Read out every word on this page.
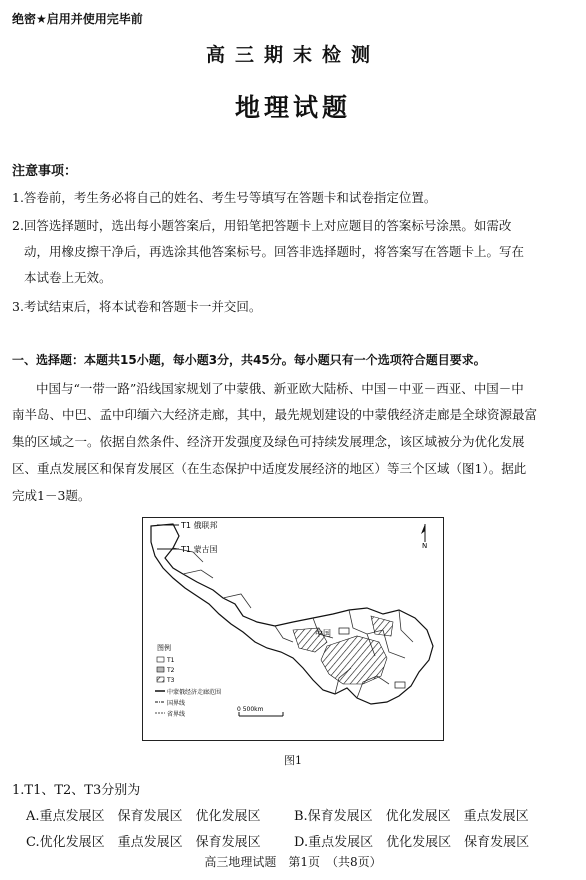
绝密★启用并使用完毕前
高三期末检测
地理试题
注意事项：
1.答卷前，考生务必将自己的姓名、考生号等填写在答题卡和试卷指定位置。
2.回答选择题时，选出每小题答案后，用铅笔把答题卡上对应题目的答案标号涂黑。如需改
动，用橡皮擦干净后，再选涂其他答案标号。回答非选择题时，将答案写在答题卡上。写在
本试卷上无效。
3.考试结束后，将本试卷和答题卡一并交回。
一、选择题：本题共15小题，每小题3分，共45分。每小题只有一个选项符合题目要求。
中国与“一带一路”沿线国家规划了中蒙俄、新亚欧大陆桥、中国－中亚－西亚、中国－中
南半岛、中巴、孟中印缅六大经济走廊，其中，最先规划建设的中蒙俄经济走廊是全球资源最富
集的区域之一。依据自然条件、经济开发强度及绿色可持续发展理念，该区域被分为优化发展
区、重点发展区和保育发展区（在生态保护中适度发展经济的地区）等三个区域（图1）。据此
完成1－3题。
T1 俄联邦
T1 蒙古国
中国
N
图例
T1
T2
T3
中蒙俄经济走廊范围
国界线
省界线
0 500km
图1
1.T1、T2、T3分别为
A.重点发展区　保育发展区　优化发展区	B.保育发展区　优化发展区　重点发展区
C.优化发展区　重点发展区　保育发展区	D.重点发展区　优化发展区　保育发展区
高三地理试题　第1页　（共8页）
